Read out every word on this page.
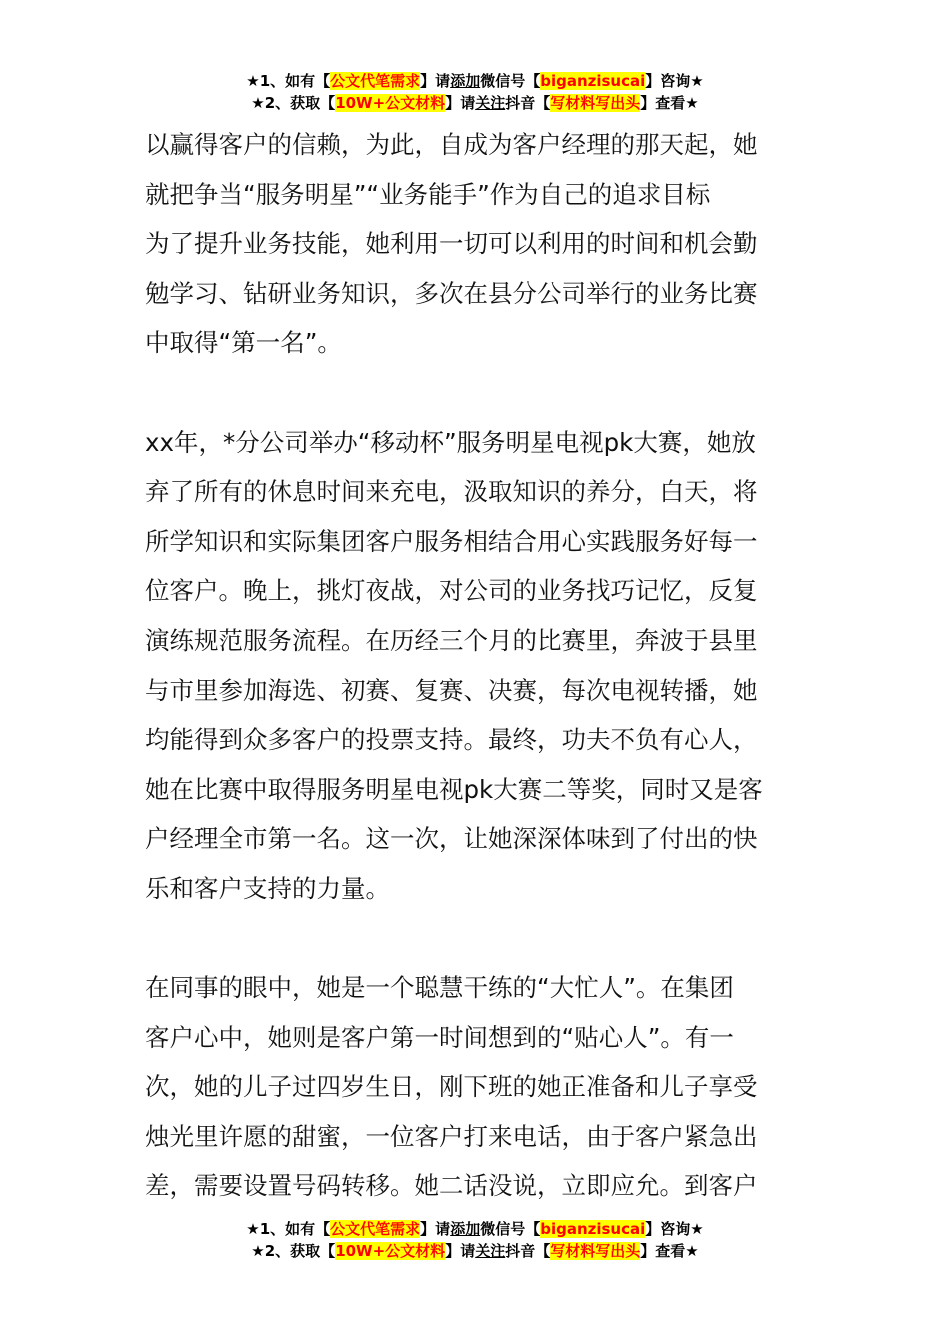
★1、如有【公文代笔需求】请添加微信号【biganzisucai】咨询★
★2、获取【10W+公文材料】请关注抖音【写材料写出头】查看★
以赢得客户的信赖，为此，自成为客户经理的那天起，她
就把争当“服务明星”“业务能手”作为自己的追求目标
为了提升业务技能，她利用一切可以利用的时间和机会勤
勉学习、钻研业务知识，多次在县分公司举行的业务比赛
中取得“第一名”。
xx年，*分公司举办“移动杯”服务明星电视pk大赛，她放
弃了所有的休息时间来充电，汲取知识的养分，白天，将
所学知识和实际集团客户服务相结合用心实践服务好每一
位客户。晚上，挑灯夜战，对公司的业务找巧记忆，反复
演练规范服务流程。在历经三个月的比赛里，奔波于县里
与市里参加海选、初赛、复赛、决赛，每次电视转播，她
均能得到众多客户的投票支持。最终，功夫不负有心人，
她在比赛中取得服务明星电视pk大赛二等奖，同时又是客
户经理全市第一名。这一次，让她深深体味到了付出的快
乐和客户支持的力量。
在同事的眼中，她是一个聪慧干练的“大忙人”。在集团
客户心中，她则是客户第一时间想到的“贴心人”。有一
次，她的儿子过四岁生日，刚下班的她正准备和儿子享受
烛光里许愿的甜蜜，一位客户打来电话，由于客户紧急出
差，需要设置号码转移。她二话没说，立即应允。到客户
★1、如有【公文代笔需求】请添加微信号【biganzisucai】咨询★
★2、获取【10W+公文材料】请关注抖音【写材料写出头】查看★
